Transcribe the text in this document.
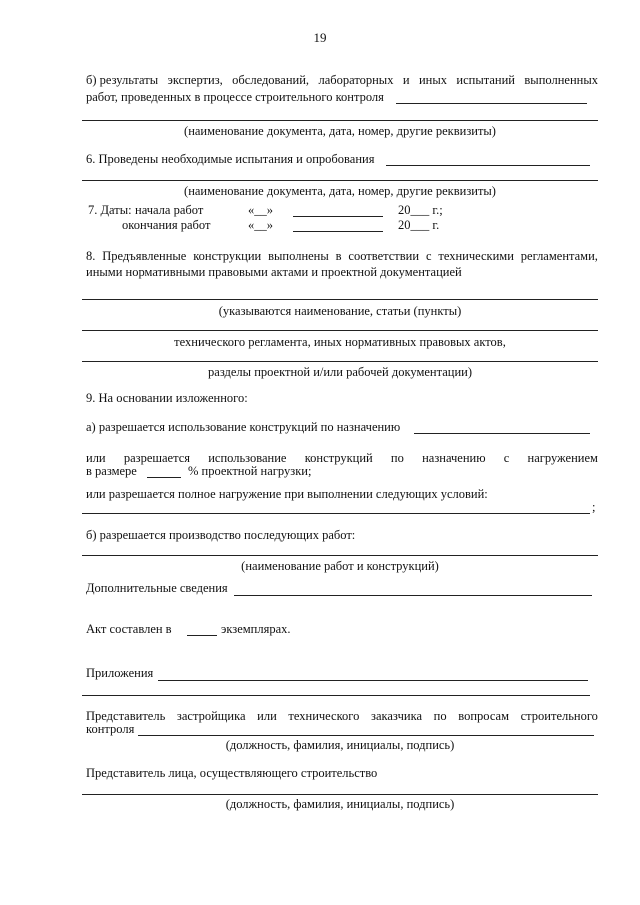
19
б) результаты экспертиз, обследований, лабораторных и иных испытаний выполненных
работ, проведенных в процессе строительного контроля
(наименование документа, дата, номер, другие реквизиты)
6. Проведены необходимые испытания и опробования
(наименование документа, дата, номер, другие реквизиты)
7. Даты: начала работ	«__»	20___ г.;
окончания работ	«__»	20___ г.
8. Предъявленные конструкции выполнены в соответствии с техническими регламентами,
иными нормативными правовыми актами и проектной документацией
(указываются наименование, статьи (пункты)
технического регламента, иных нормативных правовых актов,
разделы проектной и/или рабочей документации)
9. На основании изложенного:
а) разрешается использование конструкций по назначению
или разрешается использование конструкций по назначению с нагружением
в размере	% проектной нагрузки;
или разрешается полное нагружение при выполнении следующих условий:
;
б) разрешается производство последующих работ:
(наименование работ и конструкций)
Дополнительные сведения
Акт составлен в	экземплярах.
Приложения
Представитель застройщика или технического заказчика по вопросам строительного
контроля
(должность, фамилия, инициалы, подпись)
Представитель лица, осуществляющего строительство
(должность, фамилия, инициалы, подпись)
